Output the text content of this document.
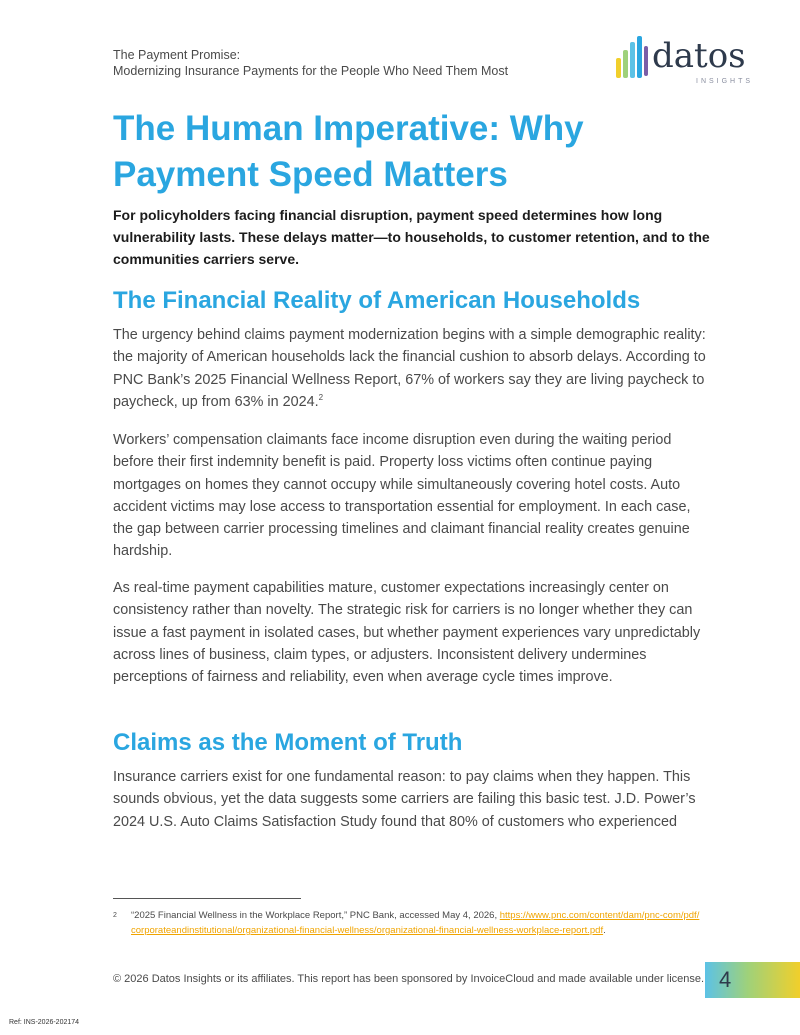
The Payment Promise:
Modernizing Insurance Payments for the People Who Need Them Most	datos
INSIGHTS
The Human Imperative: Why Payment Speed Matters

For policyholders facing financial disruption, payment speed determines how long vulnerability lasts. These delays matter—to households, to customer retention, and to the communities carriers serve.

The Financial Reality of American Households

The urgency behind claims payment modernization begins with a simple demographic reality: the majority of American households lack the financial cushion to absorb delays. According to PNC Bank’s 2025 Financial Wellness Report, 67% of workers say they are living paycheck to paycheck, up from 63% in 2024.$^2$

Workers’ compensation claimants face income disruption even during the waiting period before their first indemnity benefit is paid. Property loss victims often continue paying mortgages on homes they cannot occupy while simultaneously covering hotel costs. Auto accident victims may lose access to transportation essential for employment. In each case, the gap between carrier processing timelines and claimant financial reality creates genuine hardship.

As real-time payment capabilities mature, customer expectations increasingly center on consistency rather than novelty. The strategic risk for carriers is no longer whether they can issue a fast payment in isolated cases, but whether payment experiences vary unpredictably across lines of business, claim types, or adjusters. Inconsistent delivery undermines perceptions of fairness and reliability, even when average cycle times improve.

Claims as the Moment of Truth

Insurance carriers exist for one fundamental reason: to pay claims when they happen. This sounds obvious, yet the data suggests some carriers are failing this basic test. J.D. Power’s 2024 U.S. Auto Claims Satisfaction Study found that 80% of customers who experienced

2 “2025 Financial Wellness in the Workplace Report,” PNC Bank, accessed May 4, 2026, https://www.pnc.com/content/dam/pnc-com/pdf/corporateandinstitutional/organizational-financial-wellness/organizational-financial-wellness-workplace-report.pdf.
© 2026 Datos Insights or its affiliates. This report has been sponsored by InvoiceCloud and made available under license. 4
Ref: INS-2026-202174
